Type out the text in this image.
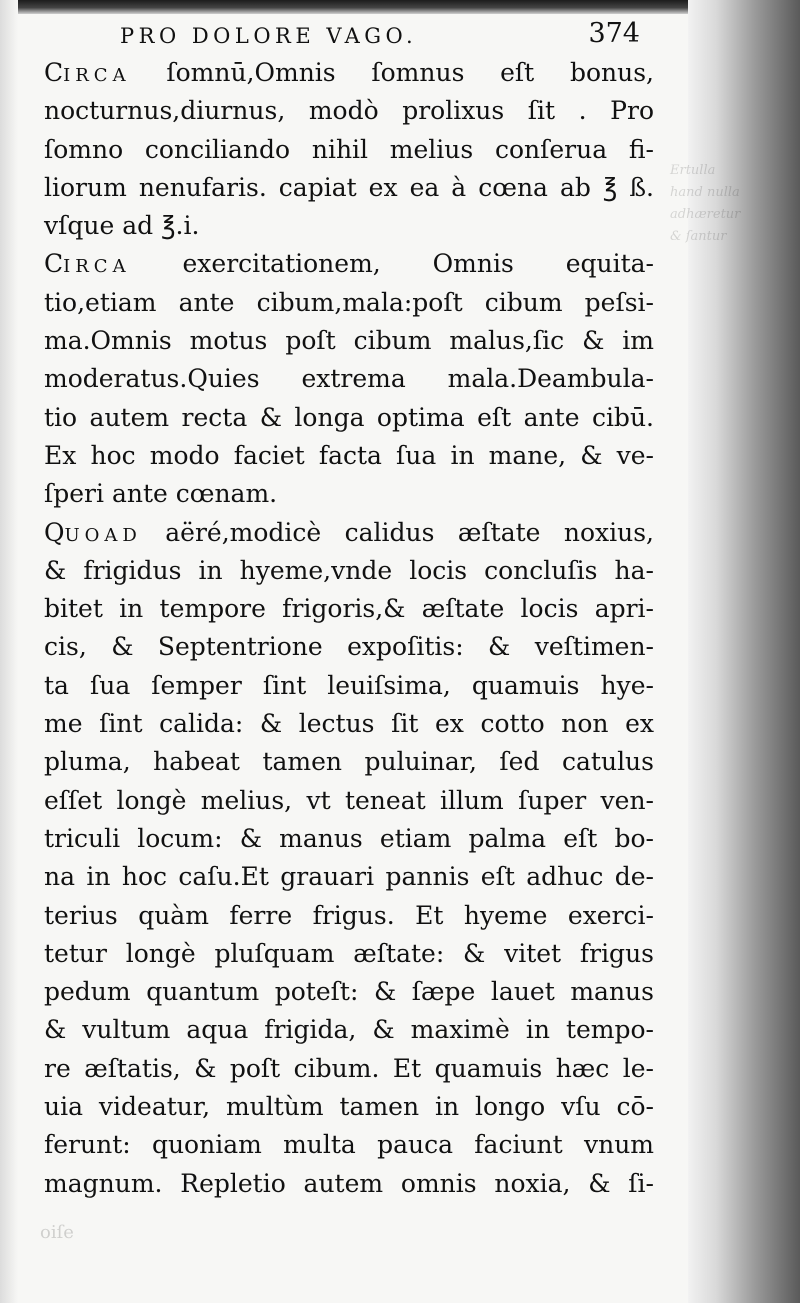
Ertulla
hand nulla
adhæretur
& ſantur
PRO DOLORE VAGO.	374
CIRCA ſomnū,Omnis ſomnus eſt bonus,
nocturnus,diurnus, modò prolixus ſit . Pro
ſomno conciliando nihil melius conſerua fi-
liorum nenufaris. capiat ex ea à cœna ab ℥ ß.
vſque ad ℥.i.
CIRCA exercitationem, Omnis equita-
tio,etiam ante cibum,mala:poſt cibum peſsi-
ma.Omnis motus poſt cibum malus,ſic & im
moderatus.Quies extrema mala.Deambula-
tio autem recta & longa optima eſt ante cibū.
Ex hoc modo faciet facta ſua in mane, & ve-
ſperi ante cœnam.
QUOAD aëré,modicè calidus æſtate noxius,
& frigidus in hyeme,vnde locis concluſis ha-
bitet in tempore frigoris,& æſtate locis apri-
cis, & Septentrione expoſitis: & veſtimen-
ta ſua ſemper ſint leuiſsima, quamuis hye-
me ſint calida: & lectus ſit ex cotto non ex
pluma, habeat tamen puluinar, ſed catulus
eſſet longè melius, vt teneat illum ſuper ven-
triculi locum: & manus etiam palma eſt bo-
na in hoc caſu.Et grauari pannis eſt adhuc de-
terius quàm ferre frigus. Et hyeme exerci-
tetur longè pluſquam æſtate: & vitet frigus
pedum quantum poteſt: & ſæpe lauet manus
& vultum aqua frigida, & maximè in tempo-
re æſtatis, & poſt cibum. Et quamuis hæc le-
uia videatur, multùm tamen in longo vſu cō-
ferunt: quoniam multa pauca faciunt vnum
magnum. Repletio autem omnis noxia, & ſi-
oiſe
